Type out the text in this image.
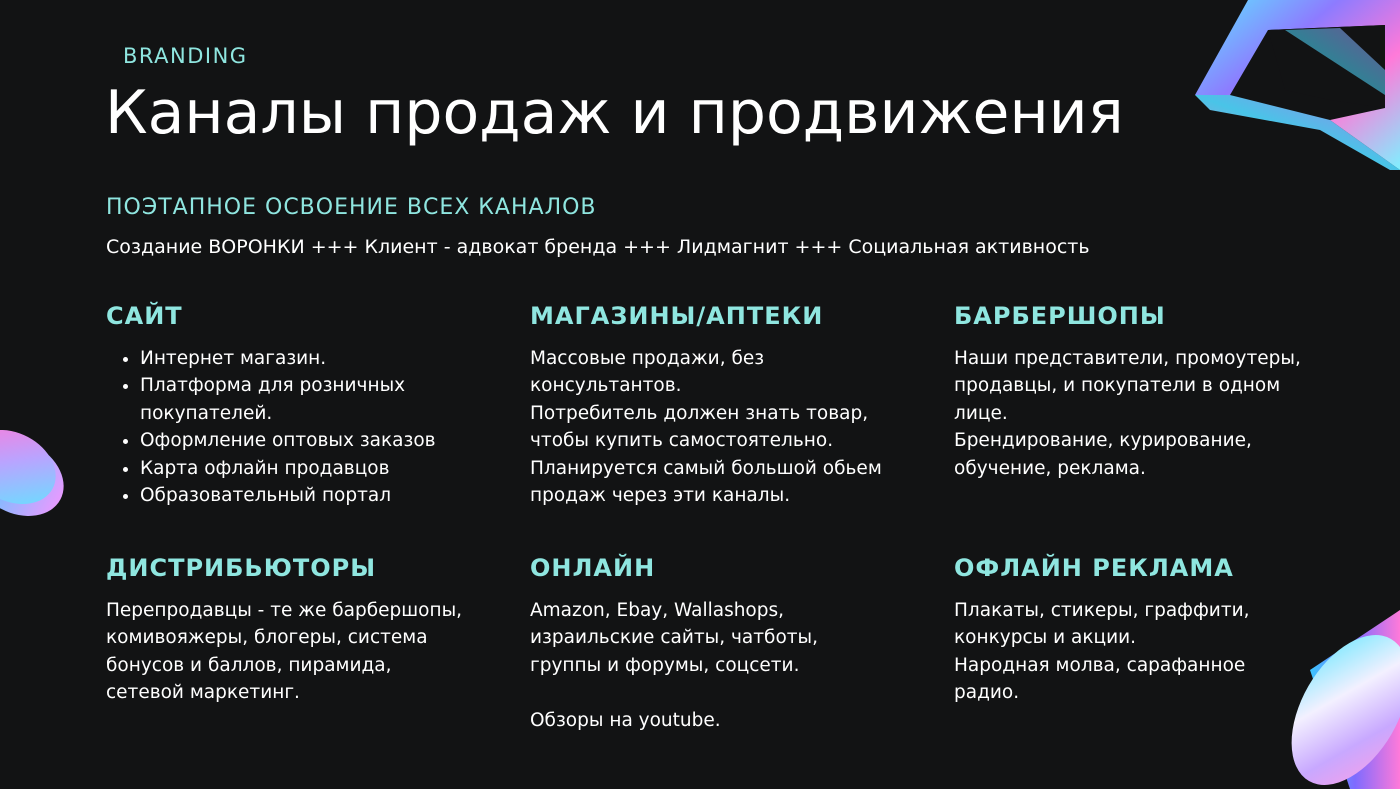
BRANDING
Каналы продаж и продвижения
ПОЭТАПНОЕ ОСВОЕНИЕ ВСЕХ КАНАЛОВ
Создание ВОРОНКИ +++ Клиент - адвокат бренда +++ Лидмагнит +++ Социальная активность
САЙТ
• Интернет магазин.
• Платформа для розничных покупателей.
• Оформление оптовых заказов
• Карта офлайн продавцов
• Образовательный портал
МАГАЗИНЫ/АПТЕКИ

Массовые продажи, без консультантов.

Потребитель должен знать товар, чтобы купить самостоятельно.

Планируется самый большой обьем продаж через эти каналы.

БАРБЕРШОПЫ

Наши представители, промоутеры, продавцы, и покупатели в одном лице.

Брендирование, курирование, обучение, реклама.

ДИСТРИБЬЮТОРЫ

Перепродавцы - те же барбершопы, комивояжеры, блогеры, система бонусов и баллов, пирамида, сетевой маркетинг.

ОНЛАЙН

Amazon, Ebay, Wallashops, израильские сайты, чатботы, группы и форумы, соцсети.

Обзоры на youtube.

ОФЛАЙН РЕКЛАМА

Плакаты, стикеры, граффити, конкурсы и акции.

Народная молва, сарафанное радио.
